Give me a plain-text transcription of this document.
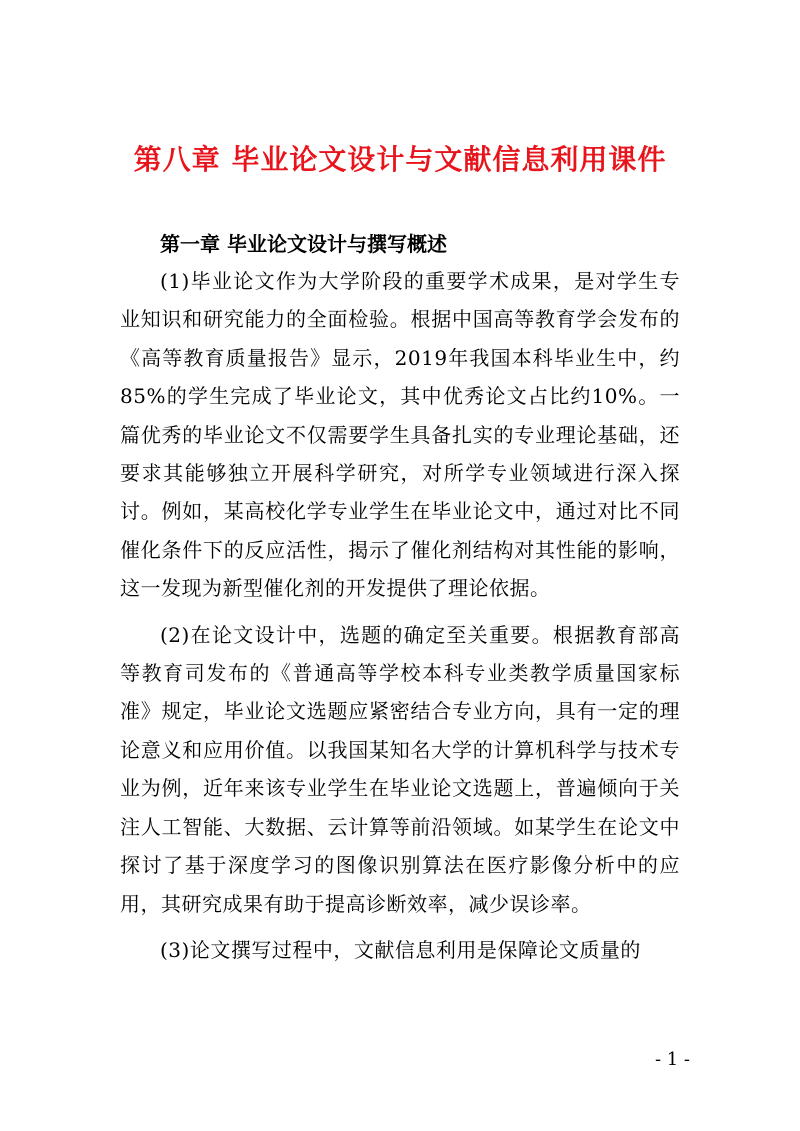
第八章 毕业论文设计与文献信息利用课件
第一章 毕业论文设计与撰写概述

(1)毕业论文作为大学阶段的重要学术成果，是对学生专业知识和研究能力的全面检验。根据中国高等教育学会发布的《高等教育质量报告》显示，2019年我国本科毕业生中，约85%的学生完成了毕业论文，其中优秀论文占比约10%。一篇优秀的毕业论文不仅需要学生具备扎实的专业理论基础，还要求其能够独立开展科学研究，对所学专业领域进行深入探讨。例如，某高校化学专业学生在毕业论文中，通过对比不同催化条件下的反应活性，揭示了催化剂结构对其性能的影响，这一发现为新型催化剂的开发提供了理论依据。

(2)在论文设计中，选题的确定至关重要。根据教育部高等教育司发布的《普通高等学校本科专业类教学质量国家标准》规定，毕业论文选题应紧密结合专业方向，具有一定的理论意义和应用价值。以我国某知名大学的计算机科学与技术专业为例，近年来该专业学生在毕业论文选题上，普遍倾向于关注人工智能、大数据、云计算等前沿领域。如某学生在论文中探讨了基于深度学习的图像识别算法在医疗影像分析中的应用，其研究成果有助于提高诊断效率，减少误诊率。

(3)论文撰写过程中，文献信息利用是保障论文质量的

- 1 -
